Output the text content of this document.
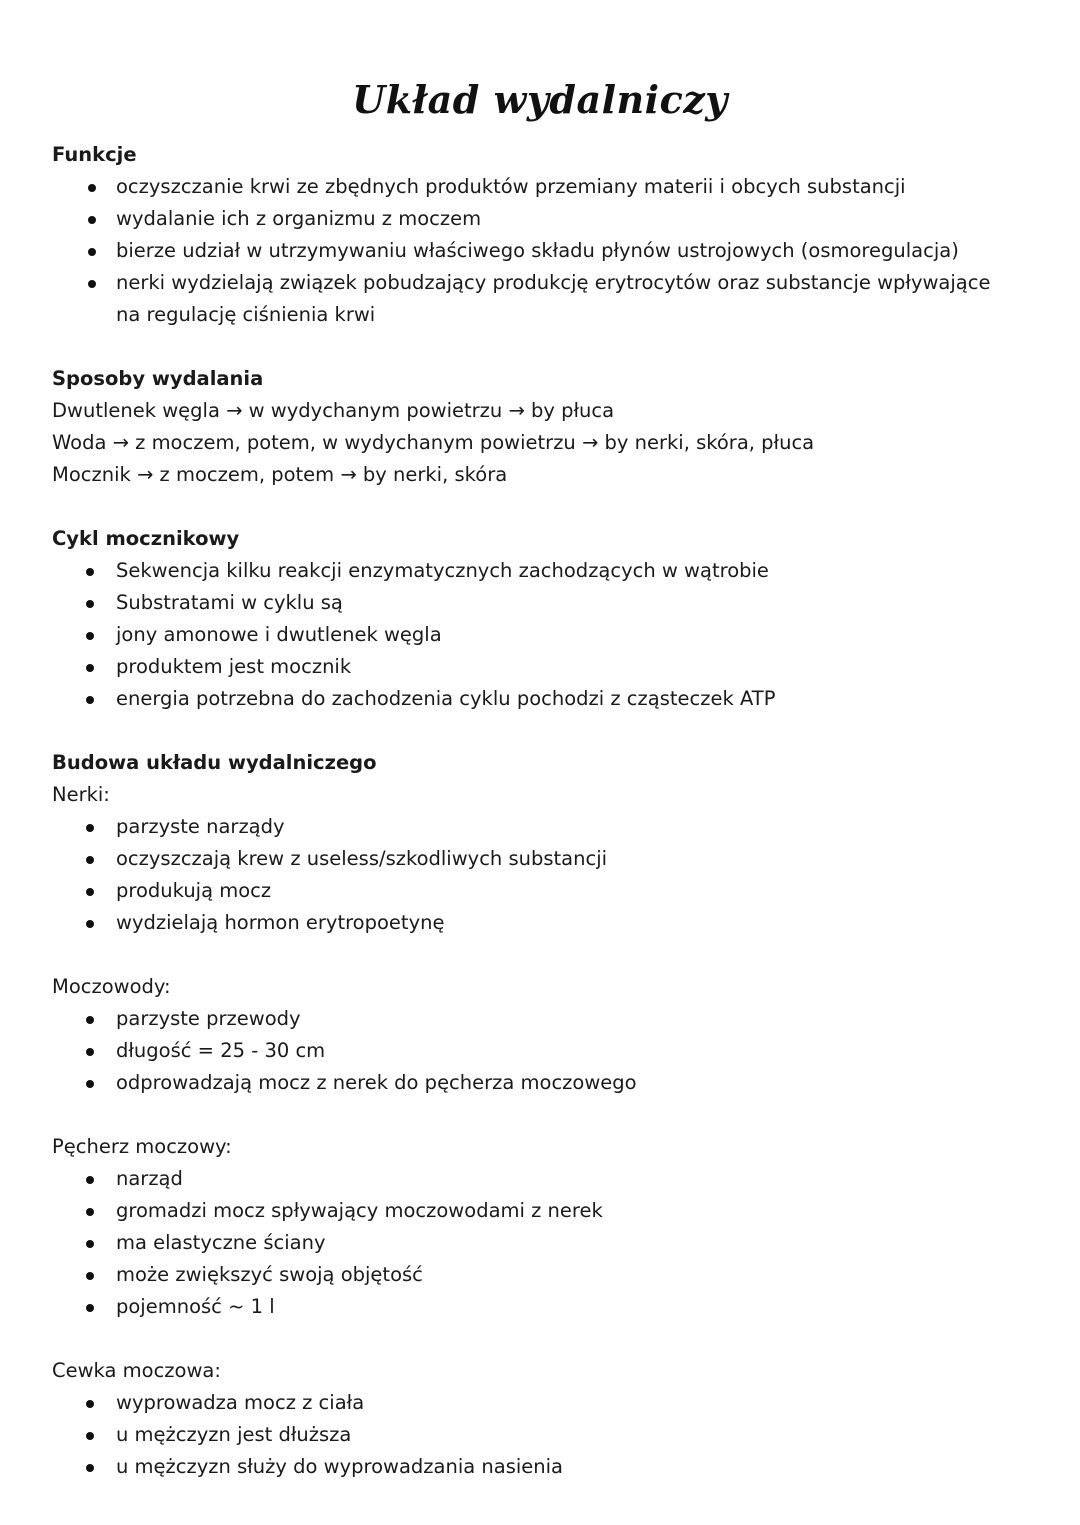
Układ wydalniczy
Funkcje
oczyszczanie krwi ze zbędnych produktów przemiany materii i obcych substancji
wydalanie ich z organizmu z moczem
bierze udział w utrzymywaniu właściwego składu płynów ustrojowych (osmoregulacja)
nerki wydzielają związek pobudzający produkcję erytrocytów oraz substancje wpływające na regulację ciśnienia krwi
Sposoby wydalania
Dwutlenek węgla → w wydychanym powietrzu → by płuca
Woda → z moczem, potem, w wydychanym powietrzu → by nerki, skóra, płuca
Mocznik → z moczem, potem → by nerki, skóra
Cykl mocznikowy
Sekwencja kilku reakcji enzymatycznych zachodzących w wątrobie
Substratami w cyklu są
jony amonowe i dwutlenek węgla
produktem jest mocznik
energia potrzebna do zachodzenia cyklu pochodzi z cząsteczek ATP
Budowa układu wydalniczego
Nerki:
parzyste narządy
oczyszczają krew z useless/szkodliwych substancji
produkują mocz
wydzielają hormon erytropoetynę
Moczowody:
parzyste przewody
długość = 25 - 30 cm
odprowadzają mocz z nerek do pęcherza moczowego
Pęcherz moczowy:
narząd
gromadzi mocz spływający moczowodami z nerek
ma elastyczne ściany
może zwiększyć swoją objętość
pojemność ~ 1 l
Cewka moczowa:
wyprowadza mocz z ciała
u mężczyzn jest dłuższa
u mężczyzn służy do wyprowadzania nasienia
